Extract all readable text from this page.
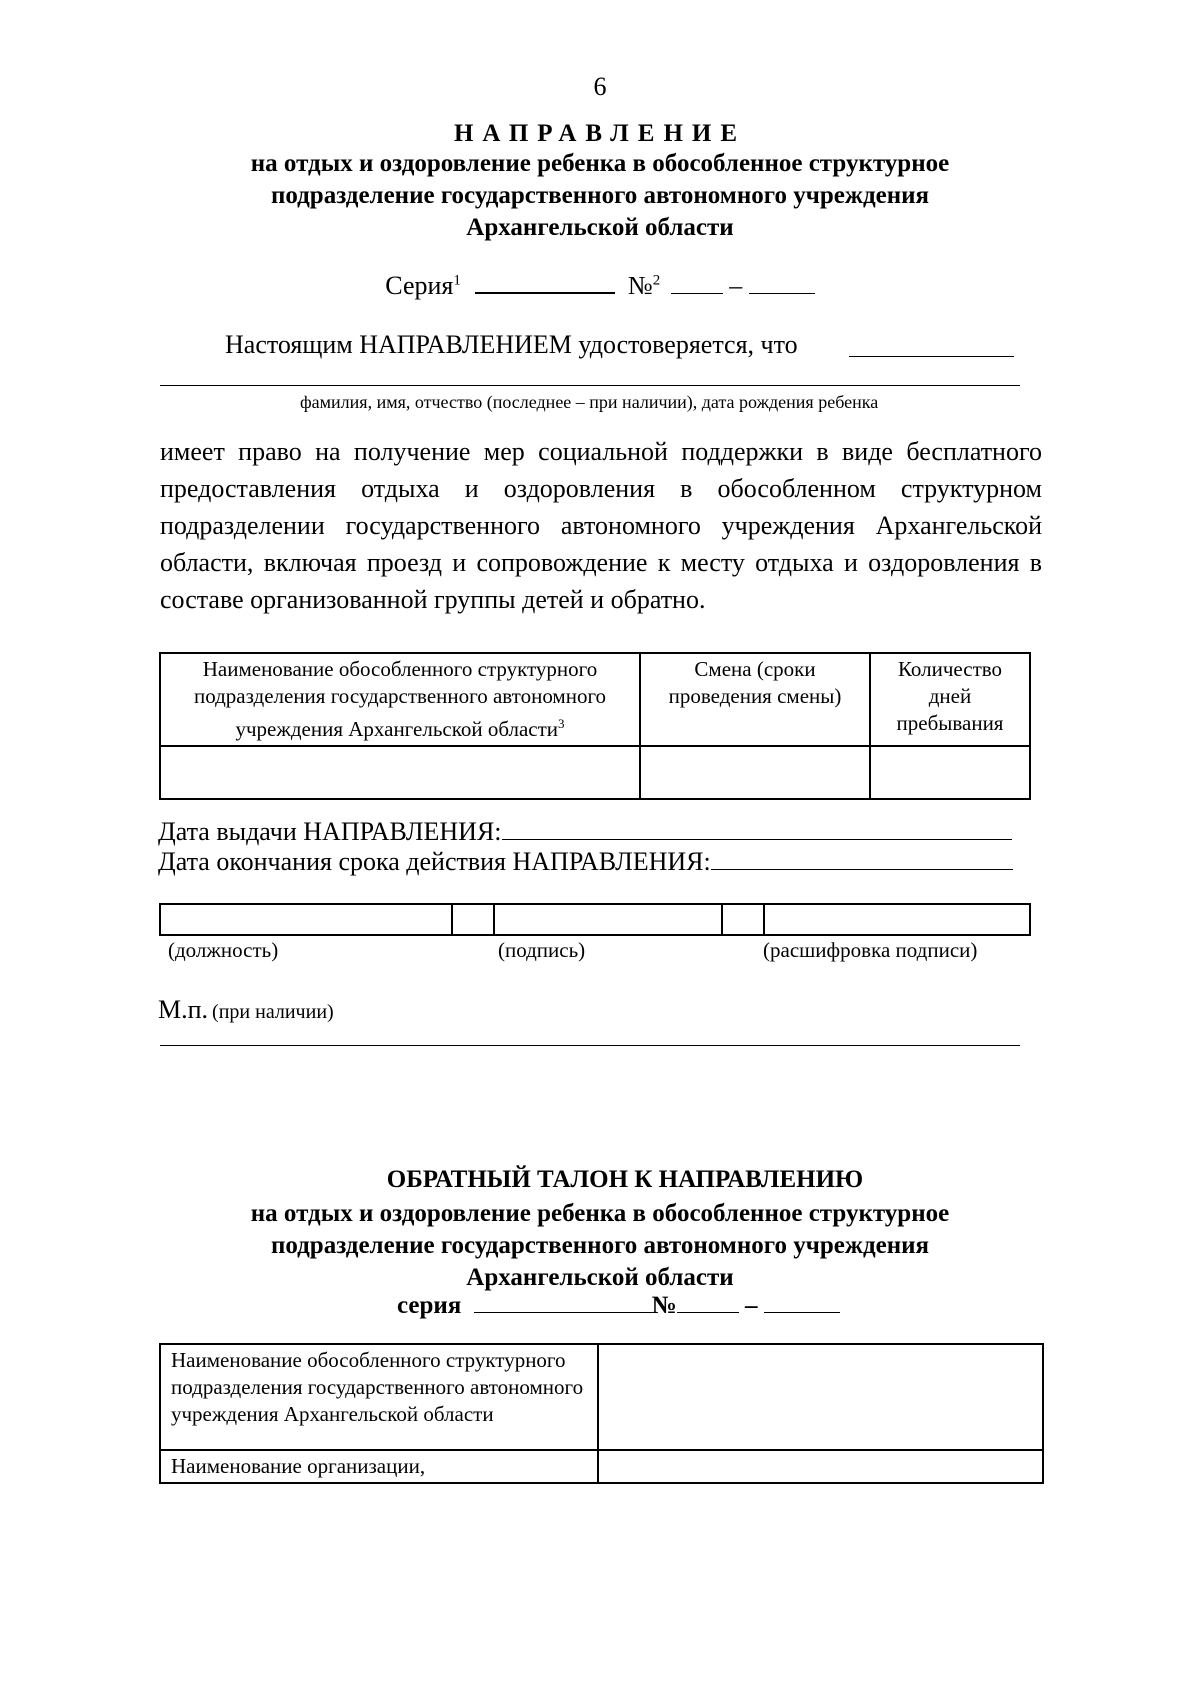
6
НАПРАВЛЕНИЕ
на отдых и оздоровление ребенка в обособленное структурное
подразделение государственного автономного учреждения
Архангельской области
Серия$^1$	№$^2$	–
Настоящим НАПРАВЛЕНИЕМ удостоверяется, что
фамилия, имя, отчество (последнее – при наличии), дата рождения ребенка
имеет право на получение мер социальной поддержки в виде бесплатного предоставления отдыха и оздоровления в обособленном структурном подразделении государственного автономного учреждения Архангельской области, включая проезд и сопровождение к месту отдыха и оздоровления в составе организованной группы детей и обратно.
Наименование обособленного структурного подразделения государственного автономного учреждения Архангельской области$^3$	Смена (сроки проведения смены)	Количество дней пребывания

Дата выдачи НАПРАВЛЕНИЯ:
Дата окончания срока действия НАПРАВЛЕНИЯ:

(должность)	(подпись)	(расшифровка подписи)
М.п. (при наличии)
ОБРАТНЫЙ ТАЛОН К НАПРАВЛЕНИЮ
на отдых и оздоровление ребенка в обособленное структурное
подразделение государственного автономного учреждения
Архангельской области
серия	№	–
Наименование обособленного структурного подразделения государственного автономного учреждения Архангельской области	
Наименование организации,	
